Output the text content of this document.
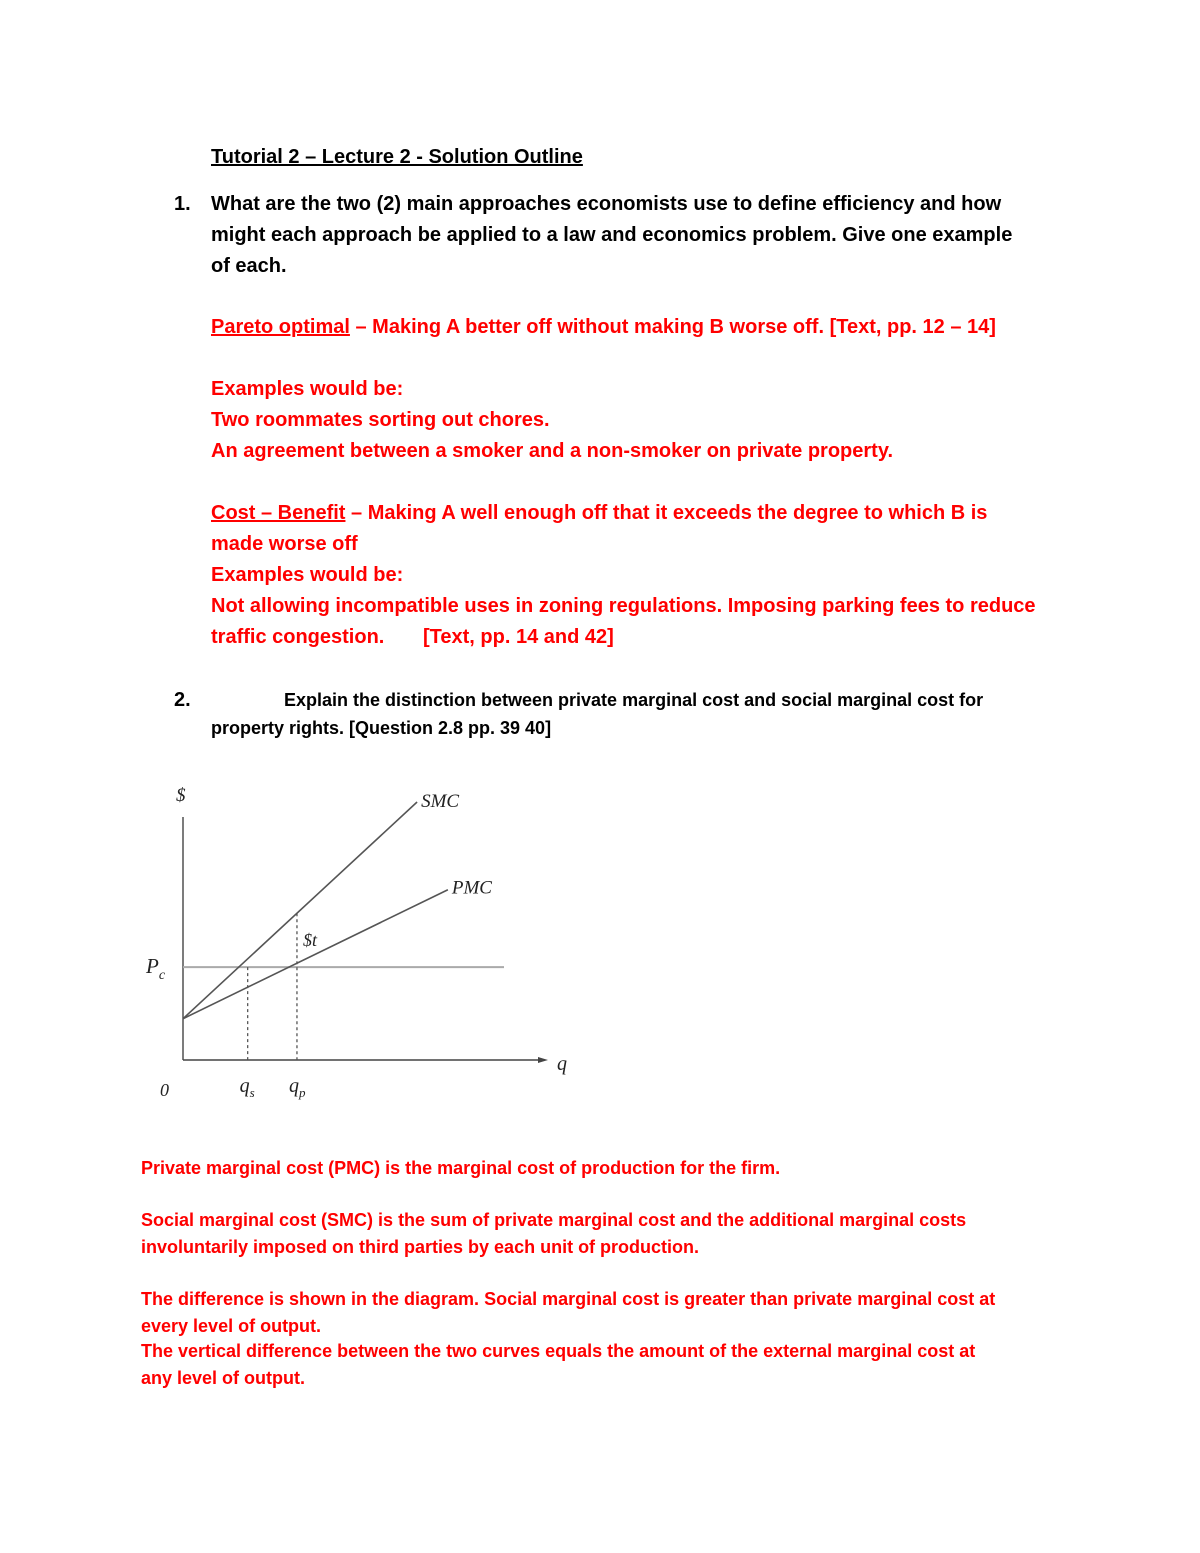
Tutorial 2 – Lecture 2 - Solution Outline
1. What are the two (2) main approaches economists use to define efficiency and how
might each approach be applied to a law and economics problem. Give one example
of each.
Pareto optimal – Making A better off without making B worse off. [Text, pp. 12 – 14]
Examples would be:
Two roommates sorting out chores.
An agreement between a smoker and a non-smoker on private property.
Cost – Benefit – Making A well enough off that it exceeds the degree to which B is
made worse off
Examples would be:
Not allowing incompatible uses in zoning regulations. Imposing parking fees to reduce
traffic congestion. [Text, pp. 14 and 42]
2.	Explain the distinction between private marginal cost and social marginal cost for
property rights. [Question 2.8 pp. 39 40]
$
q
0
$P_c$
SMC
PMC
$q_s$ $q_p$
$t
Private marginal cost (PMC) is the marginal cost of production for the firm.
Social marginal cost (SMC) is the sum of private marginal cost and the additional marginal costs
involuntarily imposed on third parties by each unit of production.
The difference is shown in the diagram. Social marginal cost is greater than private marginal cost at
every level of output.
The vertical difference between the two curves equals the amount of the external marginal cost at
any level of output.
